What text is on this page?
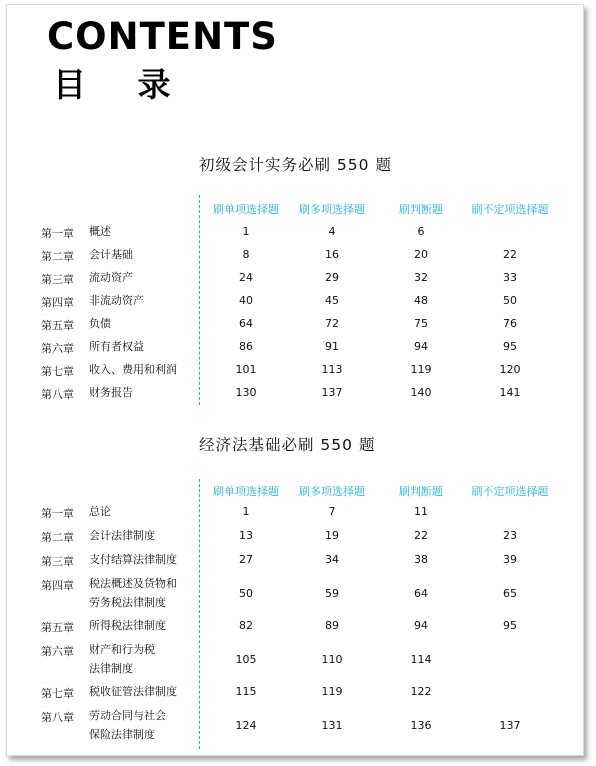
CONTENTS
目 录
初级会计实务必刷 550 题
刷单项选择题	刷多项选择题	刷判断题	刷不定项选择题
第一章 概述	1	4	6
第二章 会计基础	8	16	20	22
第三章 流动资产	24	29	32	33
第四章 非流动资产	40	45	48	50
第五章 负债	64	72	75	76
第六章 所有者权益	86	91	94	95
第七章 收入、费用和利润	101	113	119	120
第八章 财务报告	130	137	140	141
经济法基础必刷 550 题
刷单项选择题	刷多项选择题	刷判断题	刷不定项选择题
第一章 总论	1	7	11
第二章 会计法律制度	13	19	22	23
第三章 支付结算法律制度	27	34	38	39
第四章 税法概述及货物和
劳务税法律制度
50	59	64	65
第五章 所得税法律制度	82	89	94	95
第六章 财产和行为税
法律制度
105	110	114
第七章 税收征管法律制度	115	119	122
第八章 劳动合同与社会
保险法律制度
124	131	136	137
